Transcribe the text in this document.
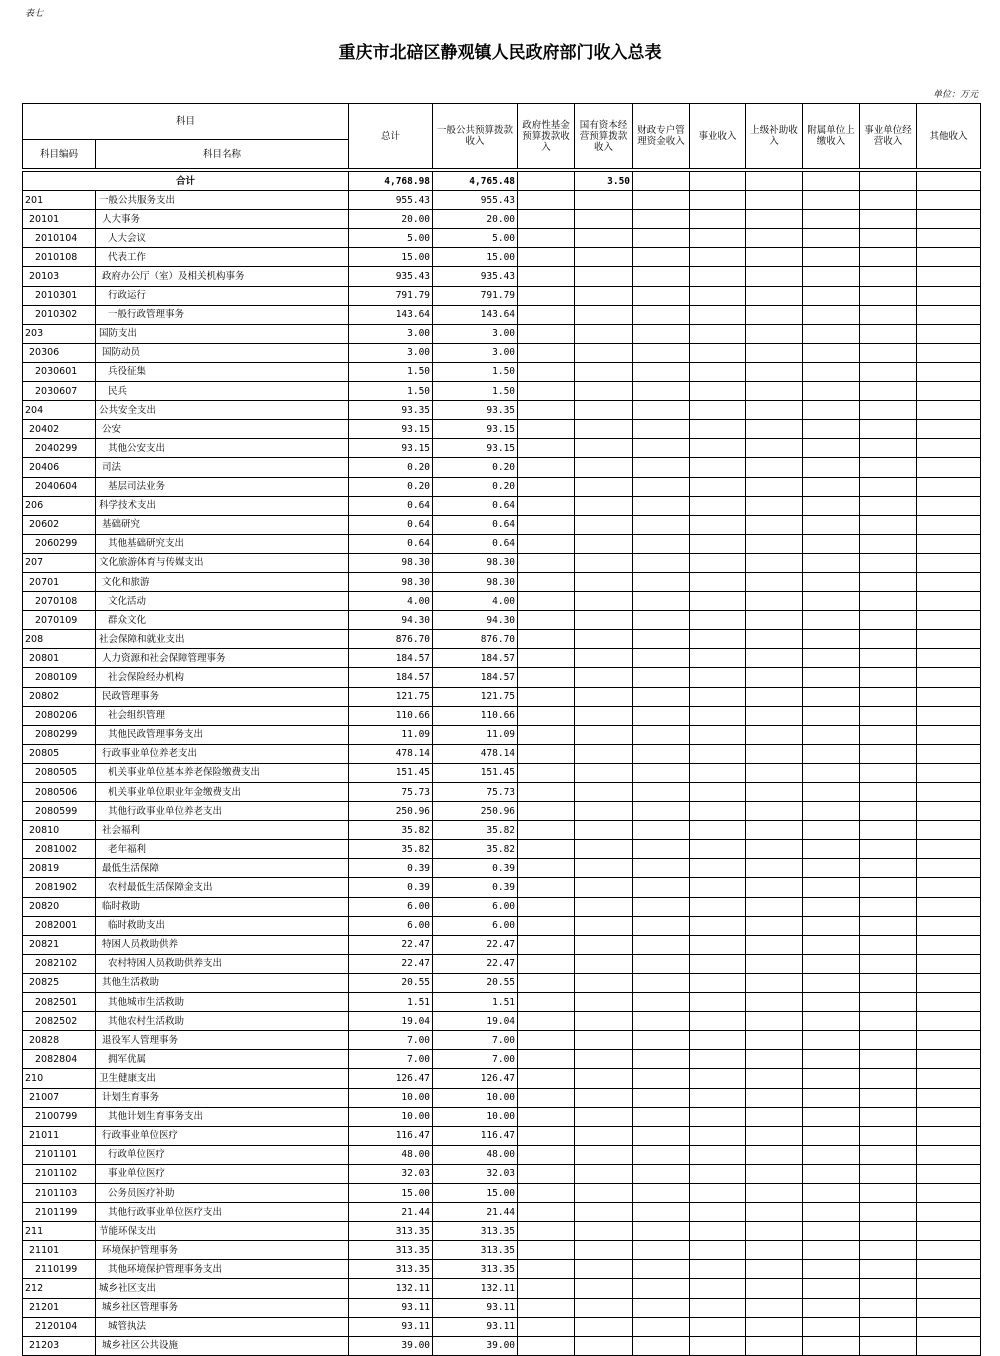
表七
重庆市北碚区静观镇人民政府部门收入总表
单位：万元
科目		总计	一般公共预算拨款收入	政府性基金预算拨款收入	国有资本经营预算拨款收入	财政专户管理资金收入	事业收入	上级补助收入	附属单位上缴收入	事业单位经营收入	其他收入
科目编码	科目名称										

合计		4,768.98	4,765.48		3.50						
201	一般公共服务支出	955.43	955.43								
20101	人大事务	20.00	20.00								
2010104	人大会议	5.00	5.00								
2010108	代表工作	15.00	15.00								
20103	政府办公厅（室）及相关机构事务	935.43	935.43								
2010301	行政运行	791.79	791.79								
2010302	一般行政管理事务	143.64	143.64								
203	国防支出	3.00	3.00								
20306	国防动员	3.00	3.00								
2030601	兵役征集	1.50	1.50								
2030607	民兵	1.50	1.50								
204	公共安全支出	93.35	93.35								
20402	公安	93.15	93.15								
2040299	其他公安支出	93.15	93.15								
20406	司法	0.20	0.20								
2040604	基层司法业务	0.20	0.20								
206	科学技术支出	0.64	0.64								
20602	基础研究	0.64	0.64								
2060299	其他基础研究支出	0.64	0.64								
207	文化旅游体育与传媒支出	98.30	98.30								
20701	文化和旅游	98.30	98.30								
2070108	文化活动	4.00	4.00								
2070109	群众文化	94.30	94.30								
208	社会保障和就业支出	876.70	876.70								
20801	人力资源和社会保障管理事务	184.57	184.57								
2080109	社会保险经办机构	184.57	184.57								
20802	民政管理事务	121.75	121.75								
2080206	社会组织管理	110.66	110.66								
2080299	其他民政管理事务支出	11.09	11.09								
20805	行政事业单位养老支出	478.14	478.14								
2080505	机关事业单位基本养老保险缴费支出	151.45	151.45								
2080506	机关事业单位职业年金缴费支出	75.73	75.73								
2080599	其他行政事业单位养老支出	250.96	250.96								
20810	社会福利	35.82	35.82								
2081002	老年福利	35.82	35.82								
20819	最低生活保障	0.39	0.39								
2081902	农村最低生活保障金支出	0.39	0.39								
20820	临时救助	6.00	6.00								
2082001	临时救助支出	6.00	6.00								
20821	特困人员救助供养	22.47	22.47								
2082102	农村特困人员救助供养支出	22.47	22.47								
20825	其他生活救助	20.55	20.55								
2082501	其他城市生活救助	1.51	1.51								
2082502	其他农村生活救助	19.04	19.04								
20828	退役军人管理事务	7.00	7.00								
2082804	拥军优属	7.00	7.00								
210	卫生健康支出	126.47	126.47								
21007	计划生育事务	10.00	10.00								
2100799	其他计划生育事务支出	10.00	10.00								
21011	行政事业单位医疗	116.47	116.47								
2101101	行政单位医疗	48.00	48.00								
2101102	事业单位医疗	32.03	32.03								
2101103	公务员医疗补助	15.00	15.00								
2101199	其他行政事业单位医疗支出	21.44	21.44								
211	节能环保支出	313.35	313.35								
21101	环境保护管理事务	313.35	313.35								
2110199	其他环境保护管理事务支出	313.35	313.35								
212	城乡社区支出	132.11	132.11								
21201	城乡社区管理事务	93.11	93.11								
2120104	城管执法	93.11	93.11								
21203	城乡社区公共设施	39.00	39.00								
